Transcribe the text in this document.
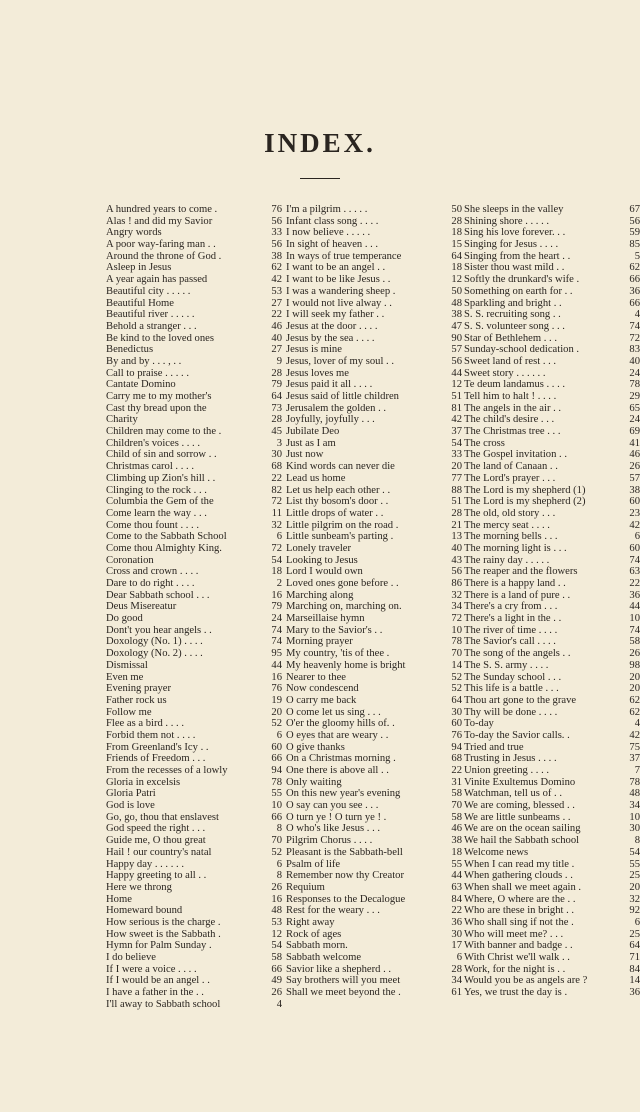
INDEX.
A hundred years to come .	76
Alas ! and did my Savior	56
Angry words	33
A poor way-faring man . .	56
Around the throne of God .	38
Asleep in Jesus	62
A year again has passed	42
Beautiful city . . . . .	53
Beautiful Home	27
Beautiful river . . . . .	22
Behold a stranger . . .	46
Be kind to the loved ones	40
Benedictus	27
By and by . . . , . .	9
Call to praise . . . . .	28
Cantate Domino	79
Carry me to my mother's	64
Cast thy bread upon the	73
Charity	28
Children may come to the .	45
Children's voices . . . .	3
Child of sin and sorrow . .	30
Christmas carol . . . .	68
Climbing up Zion's hill . .	22
Clinging to the rock . . .	82
Columbia the Gem of the	72
Come learn the way . . .	11
Come thou fount . . . .	32
Come to the Sabbath School	6
Come thou Almighty King.	72
Coronation	54
Cross and crown . . . .	18
Dare to do right . . . .	2
Dear Sabbath school . . .	16
Deus Misereatur	79
Do good	24
Dont't you hear angels . .	74
Doxology (No. 1) . . . .	74
Doxology (No. 2) . . . .	95
Dismissal	44
Even me	16
Evening prayer	76
Father rock us	19
Follow me	20
Flee as a bird . . . .	52
Forbid them not . . . .	6
From Greenland's Icy . .	60
Friends of Freedom . . .	66
From the recesses of a lowly	94
Gloria in excelsis	78
Gloria Patri	55
God is love	10
Go, go, thou that enslavest	66
God speed the right . . .	8
Guide me, O thou great	70
Hail ! our country's natal	52
Happy day . . . . . .	6
Happy greeting to all . .	8
Here we throng	26
Home	16
Homeward bound	48
How serious is the charge .	53
How sweet is the Sabbath .	12
Hymn for Palm Sunday .	54
I do believe	58
If I were a voice . . . .	66
If I would be an angel . .	49
I have a father in the . .	26
I'll away to Sabbath school	4
I'm a pilgrim . . . . .	50
Infant class song . . . .	28
I now believe . . . . .	18
In sight of heaven . . .	15
In ways of true temperance	64
I want to be an angel . .	18
I want to be like Jesus . .	12
I was a wandering sheep .	50
I would not live alway . .	48
I will seek my father . .	38
Jesus at the door . . . .	47
Jesus by the sea . . . .	90
Jesus is mine	57
Jesus, lover of my soul . .	56
Jesus loves me	44
Jesus paid it all . . . .	12
Jesus said of little children	51
Jerusalem the golden . .	81
Joyfully, joyfully . . .	42
Jubilate Deo	37
Just as I am	54
Just now	33
Kind words can never die	20
Lead us home	77
Let us help each other . .	88
List thy bosom's door . .	51
Little drops of water . .	28
Little pilgrim on the road .	21
Little sunbeam's parting .	13
Lonely traveler	40
Looking to Jesus	43
Lord I would own	56
Loved ones gone before . .	86
Marching along	32
Marching on, marching on.	34
Marseillaise hymn	72
Mary to the Savior's . .	10
Morning prayer	78
My country, 'tis of thee .	70
My heavenly home is bright	14
Nearer to thee	52
Now condescend	52
O carry me back	64
O come let us sing . . .	30
O'er the gloomy hills of. .	60
O eyes that are weary . .	76
O give thanks	94
On a Christmas morning .	68
One there is above all . .	22
Only waiting	31
On this new year's evening	58
O say can you see . . .	70
O turn ye ! O turn ye ! .	58
O who's like Jesus . . .	46
Pilgrim Chorus . . . .	38
Pleasant is the Sabbath-bell	18
Psalm of life	55
Remember now thy Creator	44
Requium	63
Responses to the Decalogue	84
Rest for the weary . . .	22
Right away	36
Rock of ages	30
Sabbath morn.	17
Sabbath welcome	6
Savior like a shepherd . .	28
Say brothers will you meet	34
Shall we meet beyond the .	61
She sleeps in the valley	67
Shining shore . . . . .	56
Sing his love forever. . .	59
Singing for Jesus . . . .	85
Singing from the heart . .	5
Sister thou wast mild . .	62
Softly the drunkard's wife .	66
Something on earth for . .	36
Sparkling and bright . .	66
S. S. recruiting song . .	4
S. S. volunteer song . . .	74
Star of Bethlehem . . .	72
Sunday-school dedication .	83
Sweet land of rest . . .	40
Sweet story . . . . . .	24
Te deum landamus . . . .	78
Tell him to halt ! . . . .	29
The angels in the air . .	65
The child's desire . . .	24
The Christmas tree . . .	69
The cross	41
The Gospel invitation . .	46
The land of Canaan . .	26
The Lord's prayer . . .	57
The Lord is my shepherd (1)	38
The Lord is my shepherd (2)	60
The old, old story . . .	23
The mercy seat . . . .	42
The morning bells . . .	6
The morning light is . . .	60
The rainy day . . . . .	74
The reaper and the flowers	63
There is a happy land . .	22
There is a land of pure . .	36
There's a cry from . . .	44
There's a light in the . .	10
The river of time . . . .	74
The Savior's call . . . .	58
The song of the angels . .	26
The S. S. army . . . .	98
The Sunday school . . .	20
This life is a battle . . .	20
Thou art gone to the grave	62
Thy will be done . . . .	62
To-day	4
To-day the Savior calls. .	42
Tried and true	75
Trusting in Jesus . . . .	37
Union greeting . . . .	7
Vinite Exultemus Domino	78
Watchman, tell us of . .	48
We are coming, blessed . .	34
We are little sunbeams . .	10
We are on the ocean sailing	30
We hail the Sabbath school	8
Welcome news	54
When I can read my title .	55
When gathering clouds . .	25
When shall we meet again .	20
Where, O where are the . .	32
Who are these in bright . .	92
Who shall sing if not the .	6
Who will meet me? . . .	25
With banner and badge . .	64
With Christ we'll walk . .	71
Work, for the night is . .	84
Would you be as angels are ?	14
Yes, we trust the day is .	36
